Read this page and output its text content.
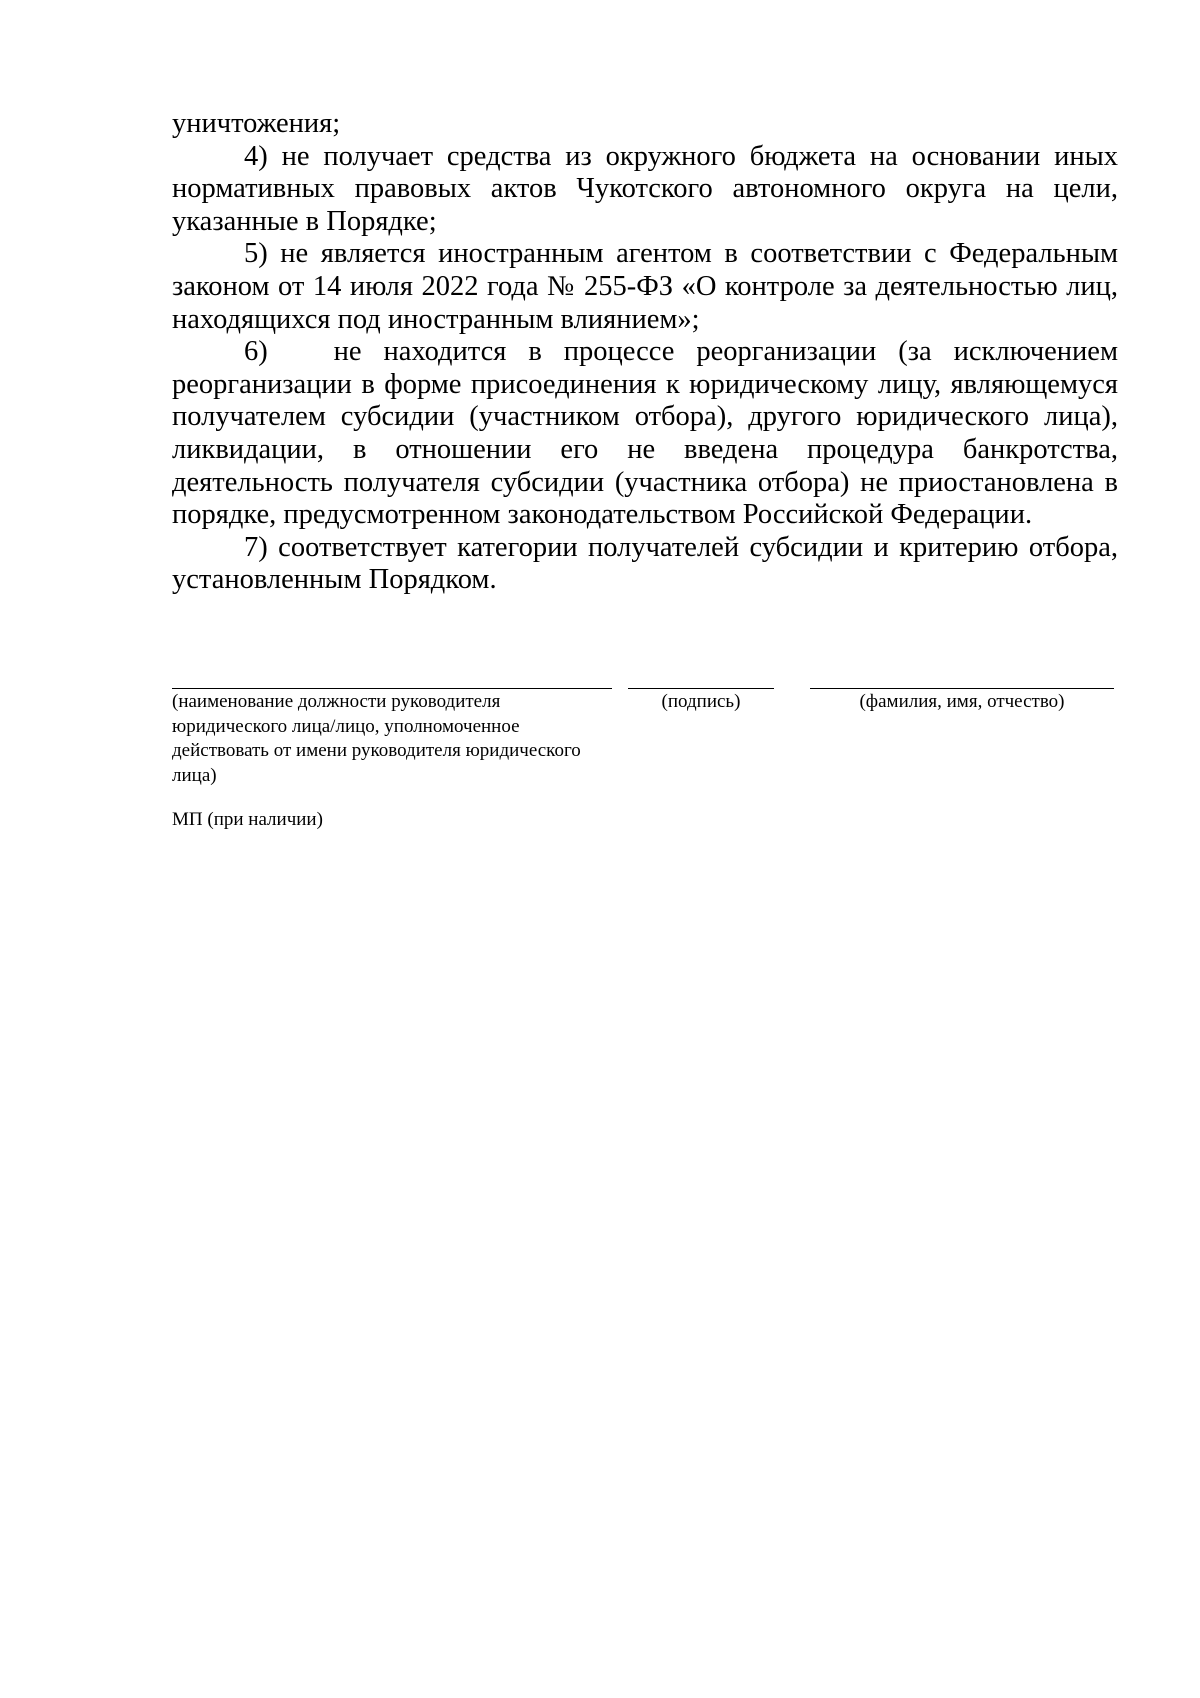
уничтожения;

4) не получает средства из окружного бюджета на основании иных нормативных правовых актов Чукотского автономного округа на цели, указанные в Порядке;

5) не является иностранным агентом в соответствии с Федеральным законом от 14 июля 2022 года № 255-ФЗ «О контроле за деятельностью лиц, находящихся под иностранным влиянием»;

6)   не находится в процессе реорганизации (за исключением реорганизации в форме присоединения к юридическому лицу, являющемуся получателем субсидии (участником отбора), другого юридического лица), ликвидации, в отношении его не введена процедура банкротства, деятельность получателя субсидии (участника отбора) не приостановлена в порядке, предусмотренном законодательством Российской Федерации.

7) соответствует категории получателей субсидии и критерию отбора, установленным Порядком.

(наименование должности руководителя юридического лица/лицо, уполномоченное действовать от имени руководителя юридического лица)
(подпись)	(фамилия, имя, отчество)
МП (при наличии)
